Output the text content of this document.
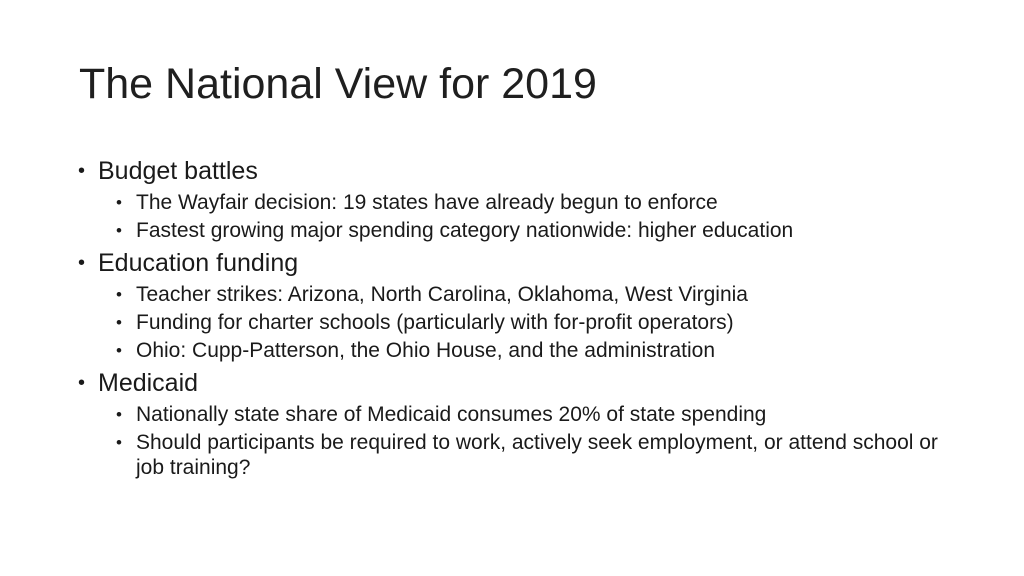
The National View for 2019
• Budget battles
• The Wayfair decision: 19 states have already begun to enforce
• Fastest growing major spending category nationwide: higher education
• Education funding
• Teacher strikes: Arizona, North Carolina, Oklahoma, West Virginia
• Funding for charter schools (particularly with for-profit operators)
• Ohio: Cupp-Patterson, the Ohio House, and the administration
• Medicaid
• Nationally state share of Medicaid consumes 20% of state spending
• Should participants be required to work, actively seek employment, or attend school or job training?
